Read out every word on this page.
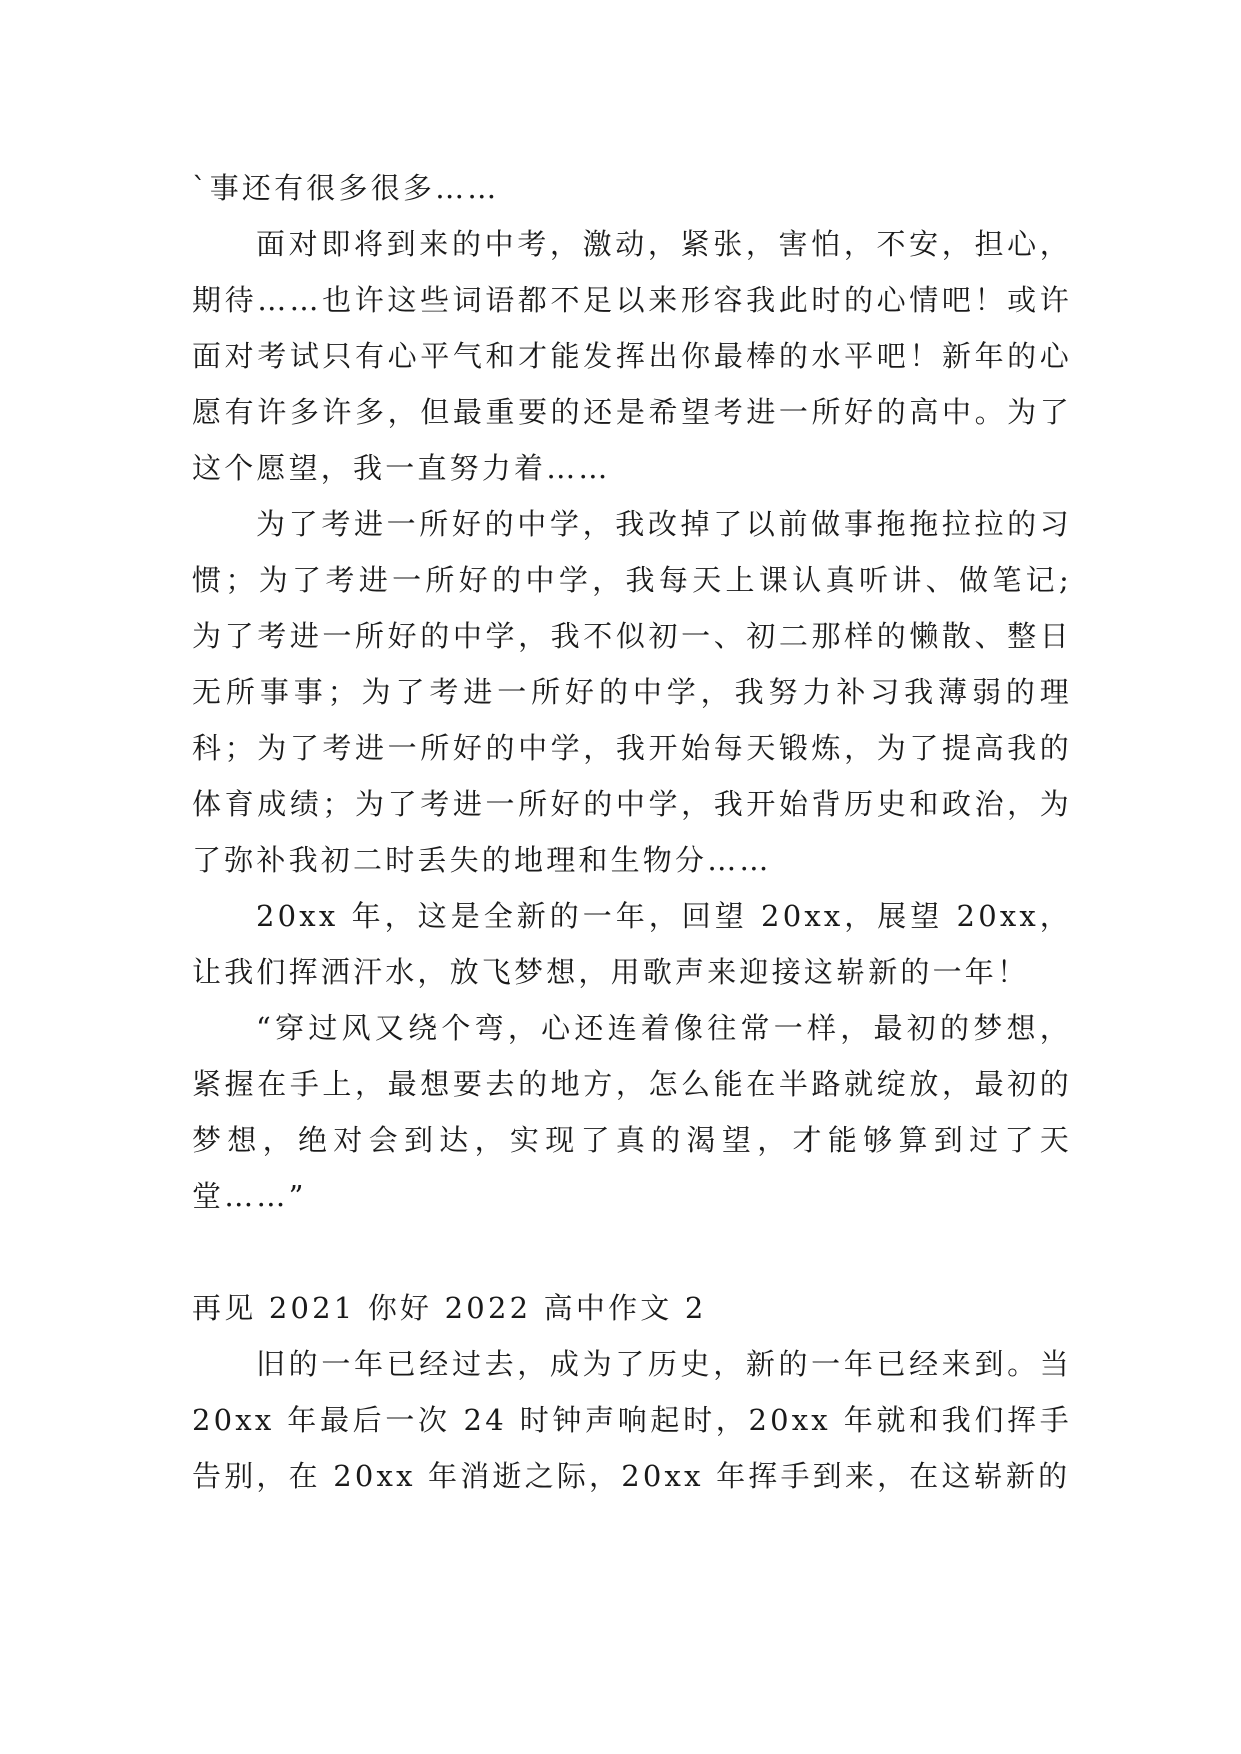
`事还有很多很多……

面对即将到来的中考，激动，紧张，害怕，不安，担心，期待……也许这些词语都不足以来形容我此时的心情吧！或许面对考试只有心平气和才能发挥出你最棒的水平吧！新年的心愿有许多许多，但最重要的还是希望考进一所好的高中。为了这个愿望，我一直努力着……

为了考进一所好的中学，我改掉了以前做事拖拖拉拉的习惯；为了考进一所好的中学，我每天上课认真听讲、做笔记;为了考进一所好的中学，我不似初一、初二那样的懒散、整日无所事事；为了考进一所好的中学，我努力补习我薄弱的理科；为了考进一所好的中学，我开始每天锻炼，为了提高我的体育成绩；为了考进一所好的中学，我开始背历史和政治，为了弥补我初二时丢失的地理和生物分……

20xx 年，这是全新的一年，回望 20xx，展望 20xx，让我们挥洒汗水，放飞梦想，用歌声来迎接这崭新的一年！

“穿过风又绕个弯，心还连着像往常一样，最初的梦想，紧握在手上，最想要去的地方，怎么能在半路就绽放，最初的梦想，绝对会到达，实现了真的渴望，才能够算到过了天堂……”

再见 2021 你好 2022 高中作文 2

旧的一年已经过去，成为了历史，新的一年已经来到。当 20xx 年最后一次 24 时钟声响起时，20xx 年就和我们挥手告别，在 20xx 年消逝之际，20xx 年挥手到来，在这崭新的
